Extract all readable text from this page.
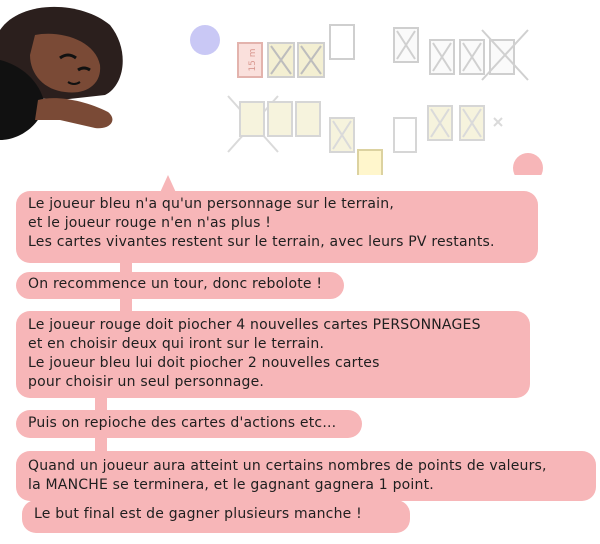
15 m
Le joueur bleu n'a qu'un personnage sur le terrain,
et le joueur rouge n'en n'as plus !
Les cartes vivantes restent sur le terrain, avec leurs PV restants.
On recommence un tour, donc rebolote !
Le joueur rouge doit piocher 4 nouvelles cartes PERSONNAGES
et en choisir deux qui iront sur le terrain.
Le joueur bleu lui doit piocher 2 nouvelles cartes
pour choisir un seul personnage.
Puis on repioche des cartes d'actions etc...
Quand un joueur aura atteint un certains nombres de points de valeurs,
la MANCHE se terminera, et le gagnant gagnera 1 point.
Le but final est de gagner plusieurs manche !
